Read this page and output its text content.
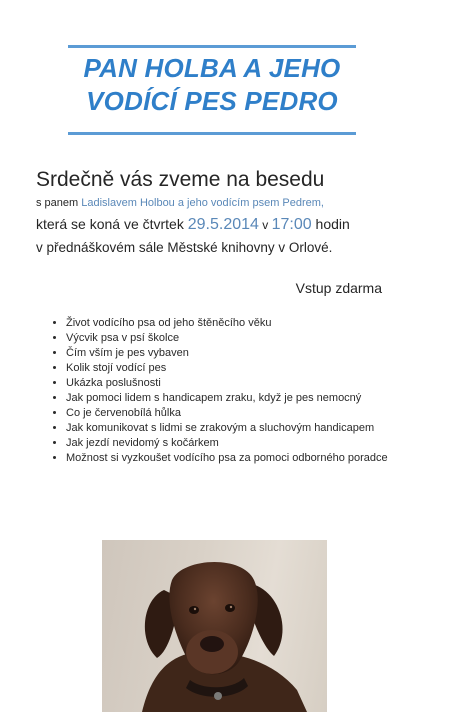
PAN HOLBA A JEHO
VODÍCÍ PES PEDRO
Srdečně vás zveme na besedu
s panem Ladislavem Holbou a jeho vodícím psem Pedrem,
která se koná ve čtvrtek 29.5.2014 v 17:00 hodin
v přednáškovém sále Městské knihovny v Orlové.
Vstup zdarma
• Život vodícího psa od jeho štěněcího věku
• Výcvik psa v psí školce
• Čím vším je pes vybaven
• Kolik stojí vodící pes
• Ukázka poslušnosti
• Jak pomoci lidem s handicapem zraku, když je pes nemocný
• Co je červenobílá hůlka
• Jak komunikovat s lidmi se zrakovým a sluchovým handicapem
• Jak jezdí nevidomý s kočárkem
• Možnost si vyzkoušet vodícího psa za pomoci odborného poradce
